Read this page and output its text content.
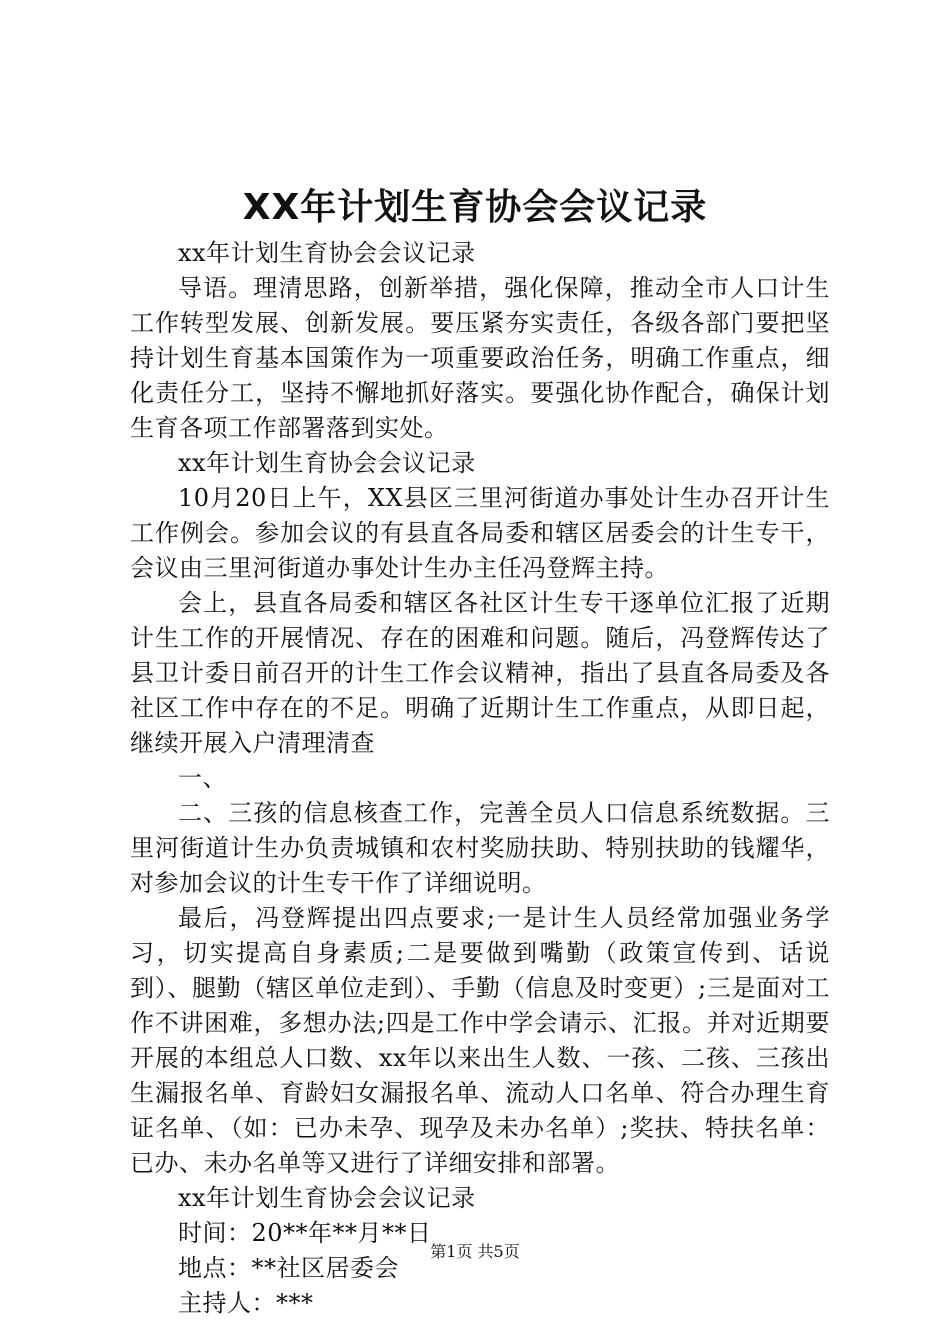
XX年计划生育协会会议记录

xx年计划生育协会会议记录

导语。理清思路，创新举措，强化保障，推动全市人口计生工作转型发展、创新发展。要压紧夯实责任，各级各部门要把坚持计划生育基本国策作为一项重要政治任务，明确工作重点，细化责任分工，坚持不懈地抓好落实。要强化协作配合，确保计划生育各项工作部署落到实处。

xx年计划生育协会会议记录

10月20日上午，XX县区三里河街道办事处计生办召开计生工作例会。参加会议的有县直各局委和辖区居委会的计生专干，会议由三里河街道办事处计生办主任冯登辉主持。

会上，县直各局委和辖区各社区计生专干逐单位汇报了近期计生工作的开展情况、存在的困难和问题。随后，冯登辉传达了县卫计委日前召开的计生工作会议精神，指出了县直各局委及各社区工作中存在的不足。明确了近期计生工作重点，从即日起，继续开展入户清理清查

一、

二、三孩的信息核查工作，完善全员人口信息系统数据。三里河街道计生办负责城镇和农村奖励扶助、特别扶助的钱耀华，对参加会议的计生专干作了详细说明。

最后，冯登辉提出四点要求;一是计生人员经常加强业务学习，切实提高自身素质;二是要做到嘴勤（政策宣传到、话说到）、腿勤（辖区单位走到）、手勤（信息及时变更）;三是面对工作不讲困难，多想办法;四是工作中学会请示、汇报。并对近期要开展的本组总人口数、xx年以来出生人数、一孩、二孩、三孩出生漏报名单、育龄妇女漏报名单、流动人口名单、符合办理生育证名单、（如：已办未孕、现孕及未办名单）;奖扶、特扶名单：已办、未办名单等又进行了详细安排和部署。

xx年计划生育协会会议记录

时间：20**年**月**日

地点：**社区居委会

主持人：***

第1页 共5页
